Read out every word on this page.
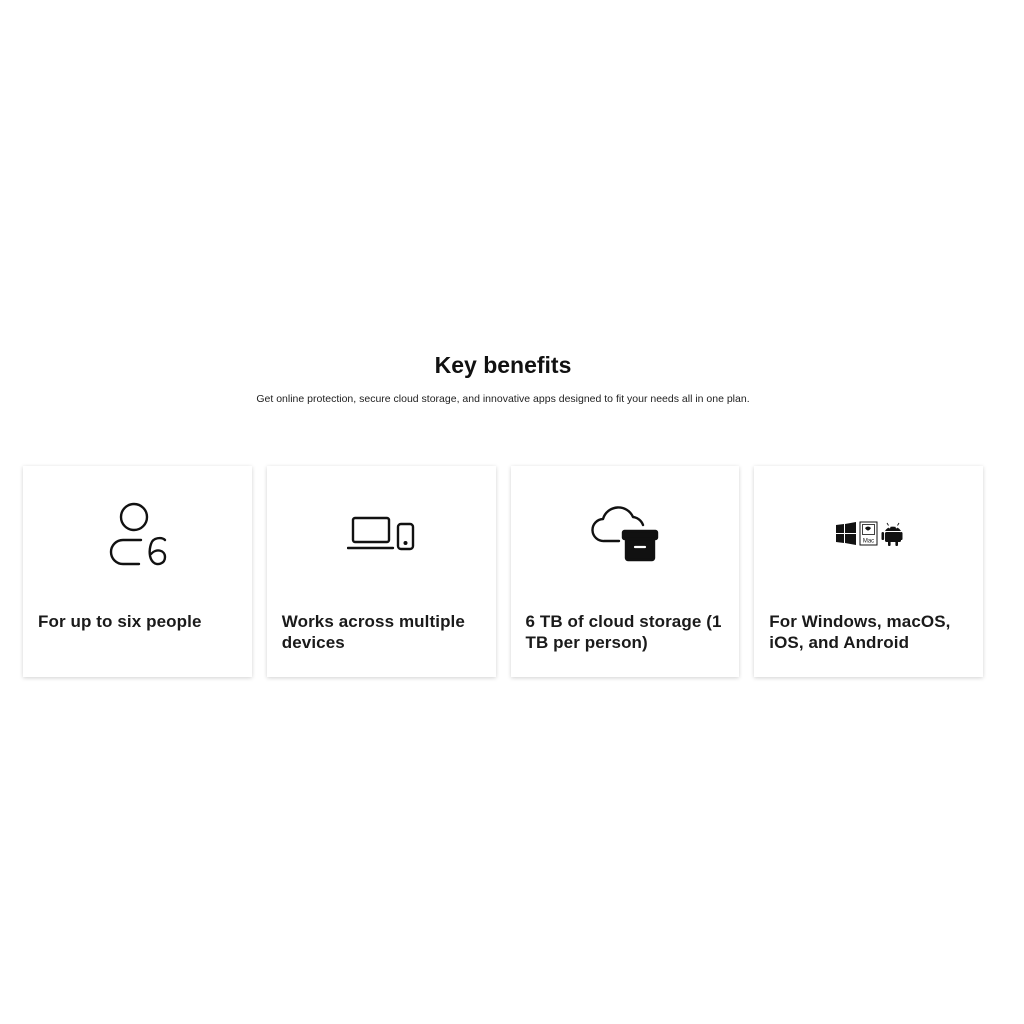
Key benefits

Get online protection, secure cloud storage, and innovative apps designed to fit your needs all in one plan.

For up to six people	Works across multiple devices
6 TB of cloud storage (1 TB per person)
Mac
For Windows, macOS, iOS, and Android
